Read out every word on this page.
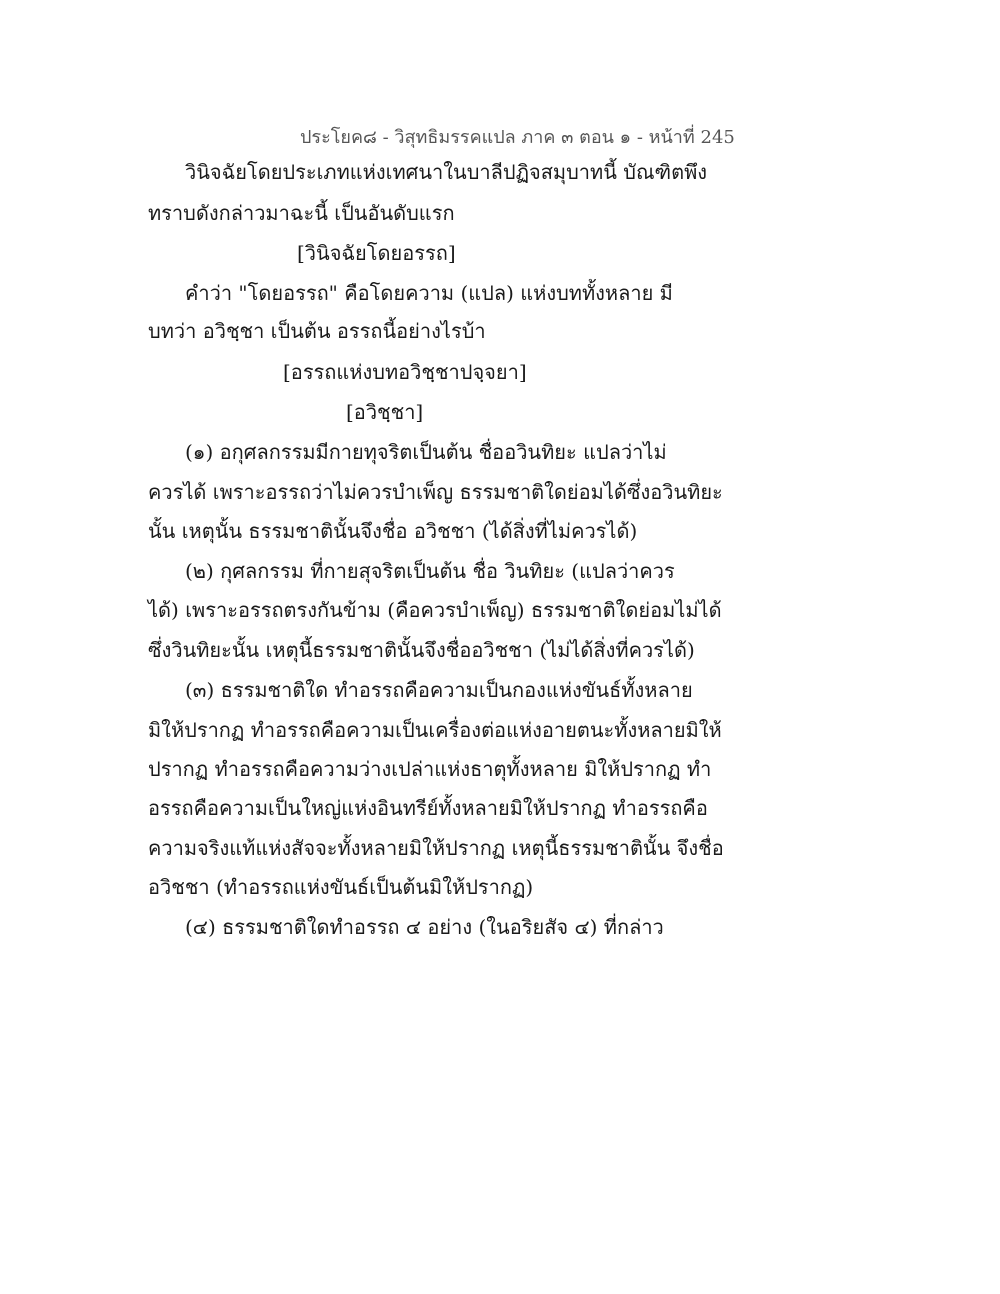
ประโยค๘ - วิสุทธิมรรคแปล ภาค ๓ ตอน ๑ - หน้าที่ 245
วินิจฉัยโดยประเภทแห่งเทศนาในบาลีปฏิจสมุบาทนี้ บัณฑิตพึง
ทราบดังกล่าวมาฉะนี้ เป็นอันดับแรก
[วินิจฉัยโดยอรรถ]
คำว่า "โดยอรรถ" คือโดยความ (แปล) แห่งบททั้งหลาย มี
บทว่า อวิชฺชา เป็นต้น อรรถนี้อย่างไรบ้า
[อรรถแห่งบทอวิชฺชาปจฺจยา]
[อวิชฺชา]
(๑) อกุศลกรรมมีกายทุจริตเป็นต้น ชื่ออวินทิยะ แปลว่าไม่
ควรได้ เพราะอรรถว่าไม่ควรบำเพ็ญ ธรรมชาติใดย่อมได้ซึ่งอวินทิยะ
นั้น เหตุนั้น ธรรมชาตินั้นจึงชื่อ อวิชชา (ได้สิ่งที่ไม่ควรได้)
(๒) กุศลกรรม ที่กายสุจริตเป็นต้น ชื่อ วินทิยะ (แปลว่าควร
ได้) เพราะอรรถตรงกันข้าม (คือควรบำเพ็ญ) ธรรมชาติใดย่อมไม่ได้
ซึ่งวินทิยะนั้น เหตุนี้ธรรมชาตินั้นจึงชื่ออวิชชา (ไม่ได้สิ่งที่ควรได้)
(๓) ธรรมชาติใด ทำอรรถคือความเป็นกองแห่งขันธ์ทั้งหลาย
มิให้ปรากฏ ทำอรรถคือความเป็นเครื่องต่อแห่งอายตนะทั้งหลายมิให้
ปรากฏ ทำอรรถคือความว่างเปล่าแห่งธาตุทั้งหลาย มิให้ปรากฏ ทำ
อรรถคือความเป็นใหญ่แห่งอินทรีย์ทั้งหลายมิให้ปรากฏ ทำอรรถคือ
ความจริงแท้แห่งสัจจะทั้งหลายมิให้ปรากฏ เหตุนี้ธรรมชาตินั้น จึงชื่อ
อวิชชา (ทำอรรถแห่งขันธ์เป็นต้นมิให้ปรากฏ)
(๔) ธรรมชาติใดทำอรรถ ๔ อย่าง (ในอริยสัจ ๔) ที่กล่าว
